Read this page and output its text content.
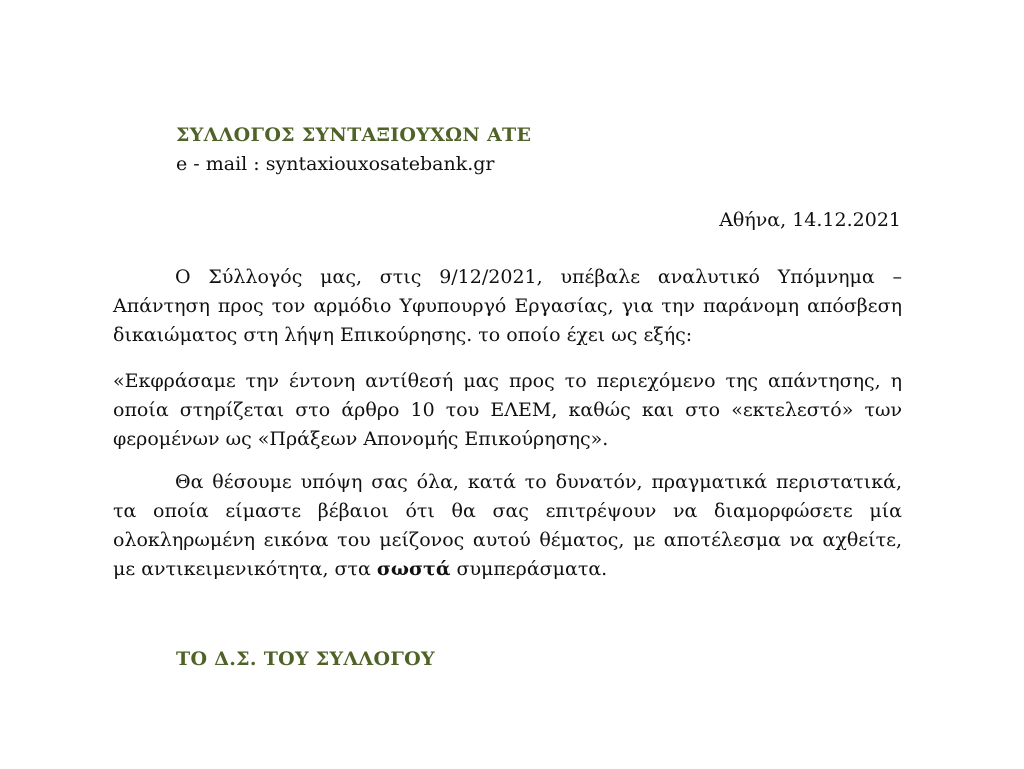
ΣΥΛΛΟΓΟΣ ΣΥΝΤΑΞΙΟΥΧΩΝ ΑΤΕ
e - mail : syntaxiouxosatebank.gr
Αθήνα, 14.12.2021

Ο Σύλλογός μας, στις 9/12/2021, υπέβαλε αναλυτικό Υπόμνημα – Απάντηση προς τον αρμόδιο Υφυπουργό Εργασίας, για την παράνομη απόσβεση δικαιώματος στη λήψη Επικούρησης. το οποίο έχει ως εξής:

«Εκφράσαμε την έντονη αντίθεσή μας προς το περιεχόμενο της απάντησης, η οποία στηρίζεται στο άρθρο 10 του ΕΛΕΜ, καθώς και στο «εκτελεστό» των φερομένων ως «Πράξεων Απονομής Επικούρησης».

Θα θέσουμε υπόψη σας όλα, κατά το δυνατόν, πραγματικά περιστατικά, τα οποία είμαστε βέβαιοι ότι θα σας επιτρέψουν να διαμορφώσετε μία ολοκληρωμένη εικόνα του μείζονος αυτού θέματος, με αποτέλεσμα να αχθείτε, με αντικειμενικότητα, στα σωστά συμπεράσματα.

ΤΟ Δ.Σ. ΤΟΥ ΣΥΛΛΟΓΟΥ
